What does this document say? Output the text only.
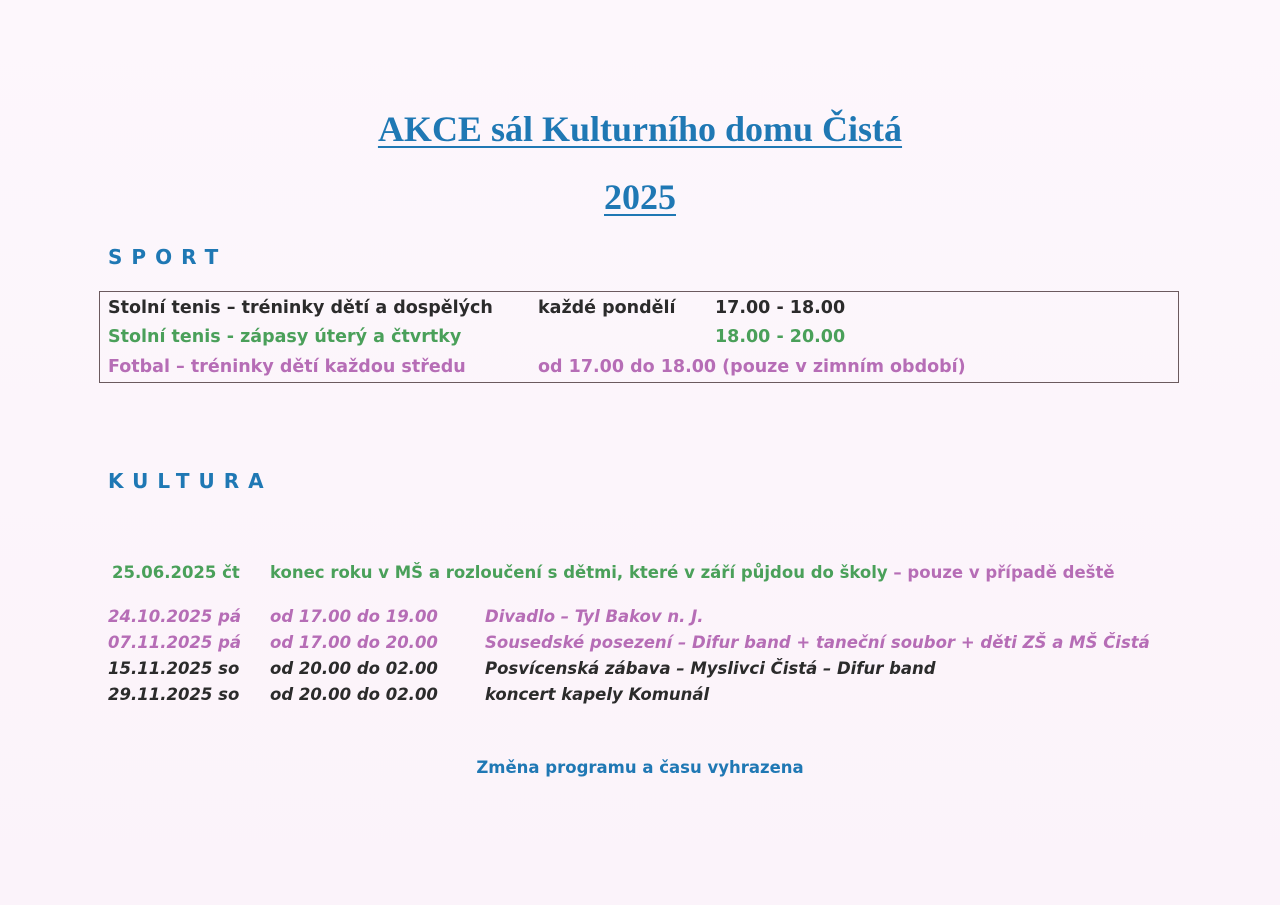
AKCE sál Kulturního domu Čistá
2025
SPORT
Stolní tenis – tréninky dětí a dospělých	každé pondělí 17.00 - 18.00
Stolní tenis - zápasy úterý a čtvrtky	18.00 - 20.00
Fotbal – tréninky dětí každou středu	od 17.00 do 18.00 (pouze v zimním období)
KULTURA
25.06.2025 čt konec roku v MŠ a rozloučení s dětmi, které v září půjdou do školy – pouze v případě deště
24.10.2025 pá od 17.00 do 19.00	Divadlo – Tyl Bakov n. J.
07.11.2025 pá od 17.00 do 20.00	Sousedské posezení – Difur band + taneční soubor + děti ZŠ a MŠ Čistá
15.11.2025 so od 20.00 do 02.00	Posvícenská zábava – Myslivci Čistá – Difur band
29.11.2025 so od 20.00 do 02.00	koncert kapely Komunál

Změna programu a času vyhrazena
